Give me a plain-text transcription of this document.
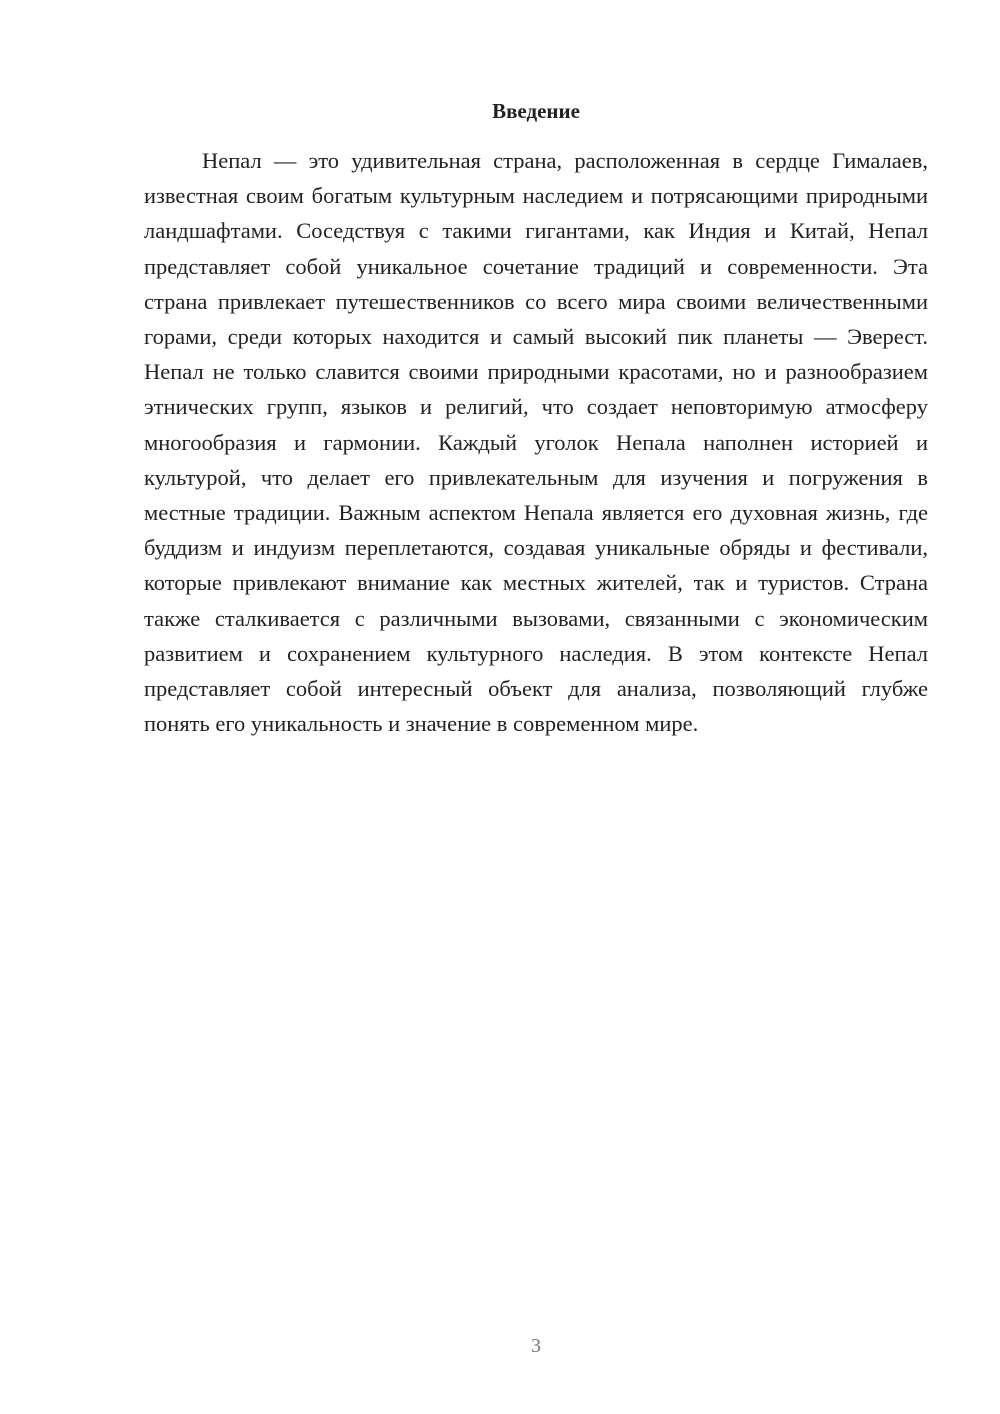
Введение

Непал — это удивительная страна, расположенная в сердце Гималаев, известная своим богатым культурным наследием и потрясающими природными ландшафтами. Соседствуя с такими гигантами, как Индия и Китай, Непал представляет собой уникальное сочетание традиций и современности. Эта страна привлекает путешественников со всего мира своими величественными горами, среди которых находится и самый высокий пик планеты — Эверест. Непал не только славится своими природными красотами, но и разнообразием этнических групп, языков и религий, что создает неповторимую атмосферу многообразия и гармонии. Каждый уголок Непала наполнен историей и культурой, что делает его привлекательным для изучения и погружения в местные традиции. Важным аспектом Непала является его духовная жизнь, где буддизм и индуизм переплетаются, создавая уникальные обряды и фестивали, которые привлекают внимание как местных жителей, так и туристов. Страна также сталкивается с различными вызовами, связанными с экономическим развитием и сохранением культурного наследия. В этом контексте Непал представляет собой интересный объект для анализа, позволяющий глубже понять его уникальность и значение в современном мире.

3
